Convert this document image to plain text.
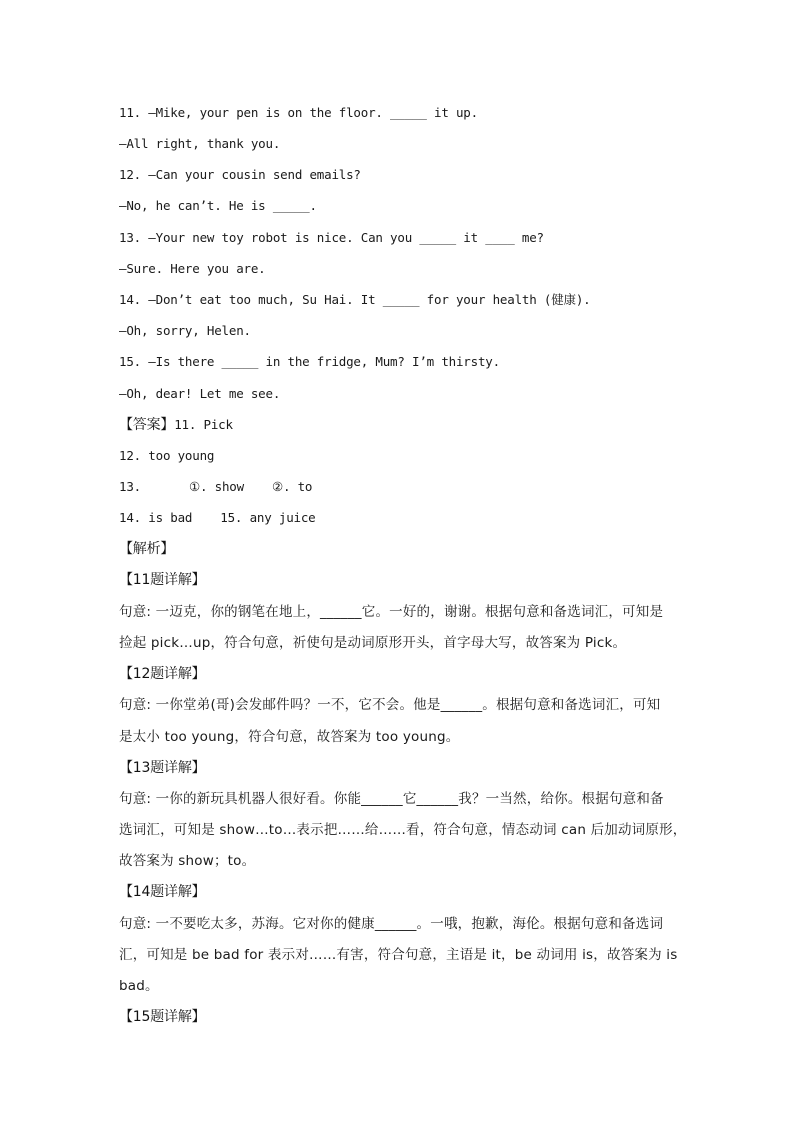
11. —Mike, your pen is on the floor. _____ it up.
—All right, thank you.
12. —Can your cousin send emails?
—No, he can’t. He is _____.
13. —Your new toy robot is nice. Can you _____ it ____ me?
—Sure. Here you are.
14. —Don’t eat too much, Su Hai. It _____ for your health (健康).
—Oh, sorry, Helen.
15. —Is there _____ in the fridge, Mum? I’m thirsty.
—Oh, dear! Let me see.
【答案】11. Pick
12. too young
13.	①. show ②. to
14. is bad 15. any juice
【解析】
【11题详解】
句意: 一迈克，你的钢笔在地上，______它。一好的，谢谢。根据句意和备选词汇，可知是
捡起 pick…up，符合句意，祈使句是动词原形开头，首字母大写，故答案为 Pick。
【12题详解】
句意: 一你堂弟(哥)会发邮件吗？一不，它不会。他是______。根据句意和备选词汇，可知
是太小 too young，符合句意，故答案为 too young。
【13题详解】
句意: 一你的新玩具机器人很好看。你能______它______我？一当然，给你。根据句意和备
选词汇，可知是 show…to…表示把……给……看，符合句意，情态动词 can 后加动词原形，
故答案为 show；to。
【14题详解】
句意: 一不要吃太多，苏海。它对你的健康______。一哦，抱歉，海伦。根据句意和备选词
汇，可知是 be bad for 表示对……有害，符合句意，主语是 it，be 动词用 is，故答案为 is
bad。
【15题详解】
